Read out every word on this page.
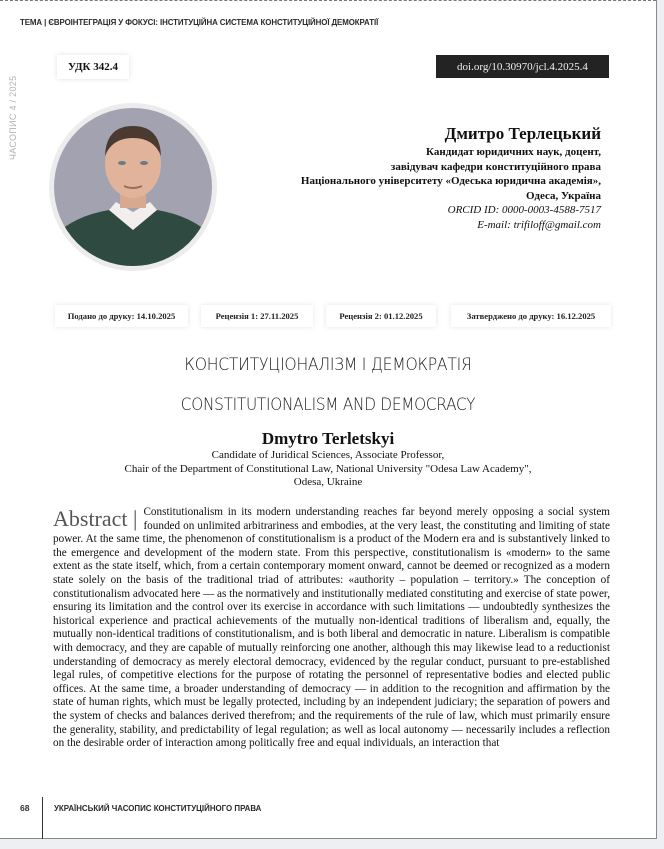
ТЕМА | ЄВРОІНТЕГРАЦІЯ У ФОКУСІ: ІНСТИТУЦІЙНА СИСТЕМА КОНСТИТУЦІЙНОЇ ДЕМОКРАТІЇ
ЧАСОПИС 4 / 2025
УДК 342.4	doi.org/10.30970/jcl.4.2025.4
Дмитро Терлецький
Кандидат юридичних наук, доцент,
завідувач кафедри конституційного права
Національного університету «Одеська юридична академія»,
Одеса, Україна
ORCID ID: 0000-0003-4588-7517
E-mail: trifiloff@gmail.com
Подано до друку: 14.10.2025	Рецензія 1: 27.11.2025	Рецензія 2: 01.12.2025	Затверджено до друку: 16.12.2025
КОНСТИТУЦІОНАЛІЗМ І ДЕМОКРАТІЯ
CONSTITUTIONALISM AND DEMOCRACY
Dmytro Terletskyi
Candidate of Juridical Sciences, Associate Professor,
Chair of the Department of Constitutional Law, National University "Odesa Law Academy",
Odesa, Ukraine
Abstract | Constitutionalism in its modern understanding reaches far beyond merely opposing a social system founded on unlimited arbitrariness and embodies, at the very least, the constituting and limiting of state power. At the same time, the phenomenon of constitutionalism is a product of the Modern era and is substantively linked to the emergence and development of the modern state. From this perspective, constitutionalism is «modern» to the same extent as the state itself, which, from a certain contemporary moment onward, cannot be deemed or recognized as a modern state solely on the basis of the traditional triad of attributes: «authority – population – territory.» The conception of constitutionalism advocated here — as the normatively and institutionally mediated constituting and exercise of state power, ensuring its limitation and the control over its exercise in accordance with such limitations — undoubtedly synthesizes the historical experience and practical achievements of the mutually non-identical traditions of liberalism and, equally, the mutually non-identical traditions of constitutionalism, and is both liberal and democratic in nature. Liberalism is compatible with democracy, and they are capable of mutually reinforcing one another, although this may likewise lead to a reductionist understanding of democracy as merely electoral democracy, evidenced by the regular conduct, pursuant to pre-established legal rules, of competitive elections for the purpose of rotating the personnel of representative bodies and elected public offices. At the same time, a broader understanding of democracy — in addition to the recognition and affirmation by the state of human rights, which must be legally protected, including by an independent judiciary; the separation of powers and the system of checks and balances derived therefrom; and the requirements of the rule of law, which must primarily ensure the generality, stability, and predictability of legal regulation; as well as local autonomy — necessarily includes a reflection on the desirable order of interaction among politically free and equal individuals, an interaction that
68	УКРАЇНСЬКИЙ ЧАСОПИС КОНСТИТУЦІЙНОГО ПРАВА
